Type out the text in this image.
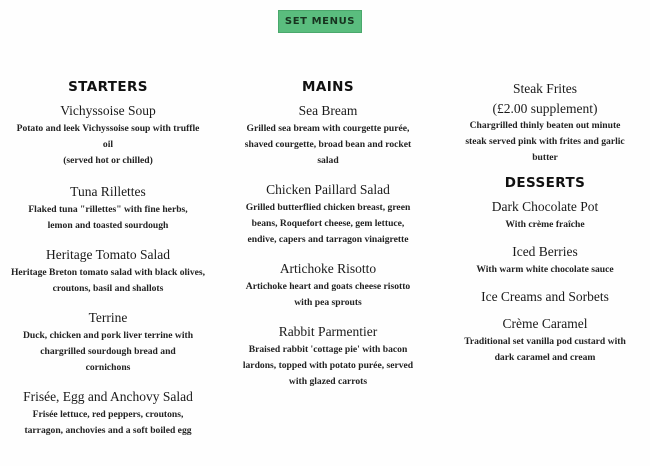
SET MENUS
STARTERS
Vichyssoise Soup
Potato and leek Vichyssoise soup with truffle oil
(served hot or chilled)
Tuna Rillettes
Flaked tuna "rillettes" with fine herbs, lemon and toasted sourdough
Heritage Tomato Salad
Heritage Breton tomato salad with black olives, croutons, basil and shallots
Terrine
Duck, chicken and pork liver terrine with chargrilled sourdough bread and cornichons
Frisée, Egg and Anchovy Salad
Frisée lettuce, red peppers, croutons, tarragon, anchovies and a soft boiled egg
MAINS
Sea Bream
Grilled sea bream with courgette purée, shaved courgette, broad bean and rocket salad
Chicken Paillard Salad
Grilled butterflied chicken breast, green beans, Roquefort cheese, gem lettuce, endive, capers and tarragon vinaigrette
Artichoke Risotto
Artichoke heart and goats cheese risotto with pea sprouts
Rabbit Parmentier
Braised rabbit 'cottage pie' with bacon lardons, topped with potato purée, served with glazed carrots
Steak Frites
(£2.00 supplement)
Chargrilled thinly beaten out minute steak served pink with frites and garlic butter
DESSERTS
Dark Chocolate Pot
With crème fraîche
Iced Berries
With warm white chocolate sauce
Ice Creams and Sorbets
Crème Caramel
Traditional set vanilla pod custard with dark caramel and cream
